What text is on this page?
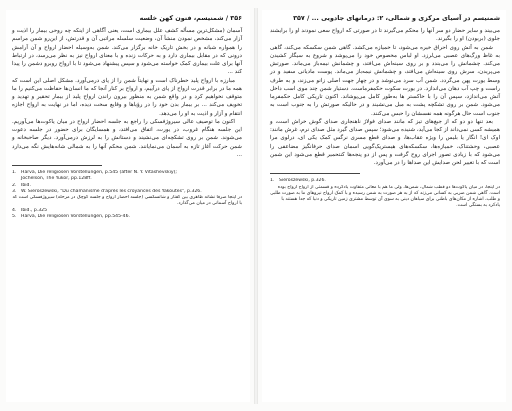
۳۵۶ / شمنیسم، فنون کهن خلسه

آسمان (مشکل‌ترین مسأله کشف علل بیماری است، یعنی آگاهی از اینکه چه روحی بیمار را اذیت و آزار می‌کند، مشخص نمودن منشأ آن، وضعیت سلسله مراتبی آن و قدرتش، از این‌رو شمن مراسم را همواره شبانه و در بخش تاریک خانه برگزار می‌کند. شمن به‌وسیله احضار ارواح و آن آرامش درونی که در مقابل بیماری دارد و به حرکات زنده و با معنای ارواح نیز به نظر می‌رسد، در ارتباط آنها برای علت بیماری کمک خواسته می‌شود و سپس پیشنهاد می‌شود تا با ارواح روبرو دشمن را پیدا کند ...

مبارزه با ارواح پلید خطرناک است و نهایتاً شمن را از پای درمی‌آورد. مشکل اصلی این است که همه ما در برابر قدرت ارواح از پای درآییم، و ارواح بر کنار آنجا که ما انسان‌ها حفاظت می‌کنیم را ما متوقف نخواهیم کرد و در واقع شمن به منظور بیرون راندن ارواح پلید از بیمار تحقیر و تهدید و تخویف می‌کند ... بر بیمار بدن خود را در رؤیاها و وقایع سخت دیده، اما در نهایت به ارواح اجازه انتقام و آزار و اذیت به او را می‌دهد.

اکنون ما توصیف عالی سیروژفسکی را راجع به جلسه احضار ارواح در میان یاکوت‌ها می‌آوریم. این جلسه هنگام غروب، در یورت، اتفاق می‌افتد، و همسایگان برای حضور در جلسه دعوت می‌شوند. شمن بر روی تشکچه‌ای می‌نشیند و دستانش را به لرزش درمی‌آورد. دیگر صاحبخانه و شمن حرکت آغاز تازه به آسمان می‌نمایانند. شمن محکم آنها را به شمالی شانه‌هایش نگه می‌دارد ...

1. Harva, Die religiösen Vorstellungen, p.545 (after N. Y. Vitashevskiy);
Jochelson, The Yukor, pp.128ff.
2. Ibid.
3. W. Sieroszewski, "Du chamanisme d'après les croyances des Yakoutes", p.326.
در اینجا صرفاً نشانه ظاهری بین گفتار و شانسکسی (جلسه احضار ارواح و جلسه کوچک در مرحله) سیروژفسکی است که با ارواح آسمانی در میان می‌گذارد.
4. Ibid., p.325
5. Harva, Die religiösen Vorstellungen, pp.545-46.
شمنیسم در آسیای مرکزی و شمالی، ۲: درمانهای جادویی ... / ۳۵۷

می‌بیند و سایر حضار دو سر آنها را محکم می‌گیرند تا در صورتی که ارواح سعی نمودند او را برایشند جلوی (بربودن) او را بگیرند.

شمن به آتش روی احراق خیره می‌شود، تا خمیازه می‌کشد. گاهی شمن سکسکه می‌کند، گاهی به غاظ ورگ‌های عصبی می‌لرزد. او لباس مخصوص خود را می‌پوشد و شروع به سیگار کشیدن می‌کند. چشمانش را می‌بندد و بر روی سینه‌اش می‌افتد، و چشمانش نیمه‌باز می‌ماند. صورتش می‌پریدن، سرش روی سینه‌اش می‌افتد، و چشمانش نیمه‌باز می‌ماند. پوست مادیانی سفید و در وسط یورت پهن می‌گردد. شمن آب سرد می‌نوشد و در چهار جهت اصلی زانو می‌زند، و به طرف راست و چپ آب دهان می‌اندازد. در یورت سکوت حکمفرماست. دستیار شمن چند موی اسب داخل آتش می‌اندازد، سپس آن را با خاکستر ها به‌طور کامل می‌پوشاند. اکنون تاریکی کامل حکمفرما می‌شود. شمن بر روی تشکچه پشت به مبل می‌نشیند و در حالیکه صورتش را به جنوب است به جنوب است حال هرگونه همه نفسشان را حبس می‌کنند.

بعد تنها دو دو که از جیغ‌های تیز که مانند صدای فولاژ ناهنجاری صدای گوش خراش است، و همیشه کسی نمی‌داند از کجا می‌آید، شنیده می‌شود؛ سپس صدای گیرد مثل صدای نرم، غرش مانند: اوک ای! انگار یا بلیس را ویژه عقاب‌ها، و صدای قطع مسری نرگس کمک یکی ای، درلوی مرا عصبی، وحشتناک، خمیازه‌ها، سکسکه‌های هیستریک‌گویی اسمان صدای حرفانگیز مضاعفی را می‌شود که با زیادی تصور اجرای روح گرفت و پس از دو پنجه‌ها کنتحمیر قطع می‌شود این شمن است که با تغییر لحن صدایش این صداها را در می‌آورد.

1. Sieroszewski, p.326.
در اینجا، در میان یاکوت‌ها دو قطب شمال، شمن‌ها، ولی ما هم با معانی متفاوت یادکرده و قسمتی از ارواح ارواح بوده است. گاهی شمن ضربی به کسانی می‌زند که از به هر صورت به شمن رسیده و با کمک ارواح نیروهای ما به صورت طلبی و طلب، اشاره از مکان‌های باطنی برای سیاهان دینی به سوی آن توسط مشتری زمین تاریکی و دنیا که جدا هستند با یادکرد به بستگی است.
